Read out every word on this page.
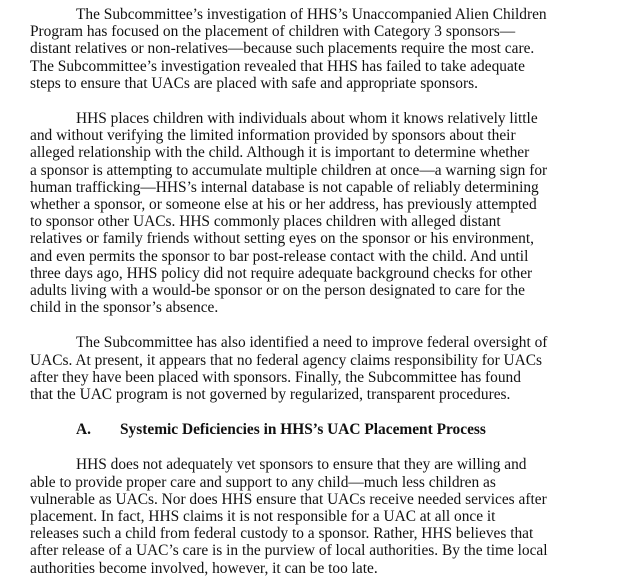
The Subcommittee’s investigation of HHS’s Unaccompanied Alien Children
Program has focused on the placement of children with Category 3 sponsors—
distant relatives or non-relatives—because such placements require the most care.
The Subcommittee’s investigation revealed that HHS has failed to take adequate
steps to ensure that UACs are placed with safe and appropriate sponsors.
HHS places children with individuals about whom it knows relatively little
and without verifying the limited information provided by sponsors about their
alleged relationship with the child. Although it is important to determine whether
a sponsor is attempting to accumulate multiple children at once—a warning sign for
human trafficking—HHS’s internal database is not capable of reliably determining
whether a sponsor, or someone else at his or her address, has previously attempted
to sponsor other UACs. HHS commonly places children with alleged distant
relatives or family friends without setting eyes on the sponsor or his environment,
and even permits the sponsor to bar post-release contact with the child. And until
three days ago, HHS policy did not require adequate background checks for other
adults living with a would-be sponsor or on the person designated to care for the
child in the sponsor’s absence.
The Subcommittee has also identified a need to improve federal oversight of
UACs. At present, it appears that no federal agency claims responsibility for UACs
after they have been placed with sponsors. Finally, the Subcommittee has found
that the UAC program is not governed by regularized, transparent procedures.
A. Systemic Deficiencies in HHS’s UAC Placement Process
HHS does not adequately vet sponsors to ensure that they are willing and
able to provide proper care and support to any child—much less children as
vulnerable as UACs. Nor does HHS ensure that UACs receive needed services after
placement. In fact, HHS claims it is not responsible for a UAC at all once it
releases such a child from federal custody to a sponsor. Rather, HHS believes that
after release of a UAC’s care is in the purview of local authorities. By the time local
authorities become involved, however, it can be too late.
